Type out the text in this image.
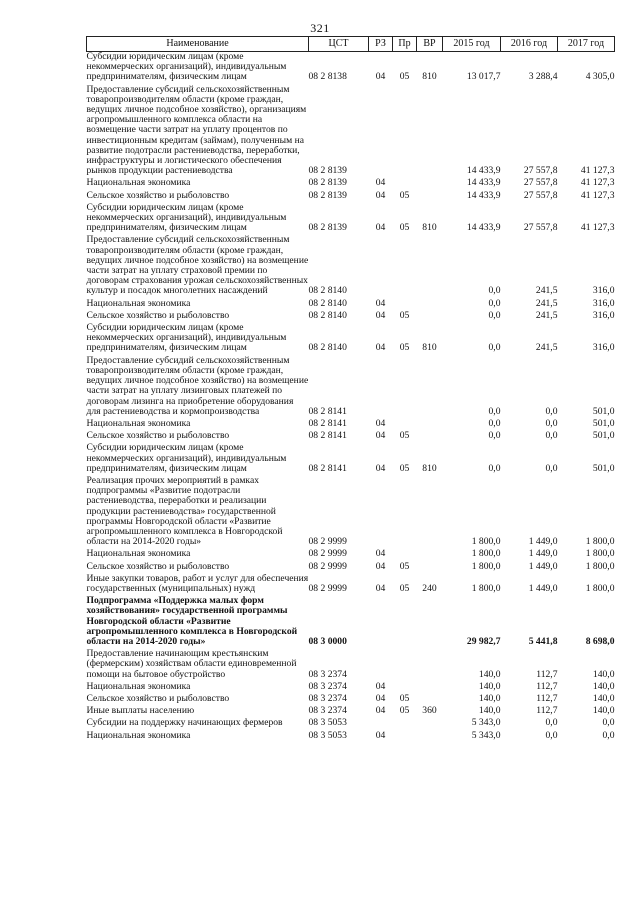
321
Наименование	ЦСТ	РЗ	Пр	ВР	2015 год	2016 год	2017 год
Субсидии юридическим лицам (кроме некоммерческих организаций), индивидуальным предпринимателям, физическим лицам	08 2 8138	04	05	810	13 017,7	3 288,4	4 305,0
Предоставление субсидий сельскохозяйственным товаропроизводителям области (кроме граждан, ведущих личное подсобное хозяйство), организациям агропромышленного комплекса области на возмещение части затрат на уплату процентов по инвестиционным кредитам (займам), полученным на развитие подотрасли растениеводства, переработки, инфраструктуры и логистического обеспечения рынков продукции растениеводства	08 2 8139				14 433,9	27 557,8	41 127,3
Национальная экономика	08 2 8139	04			14 433,9	27 557,8	41 127,3
Сельское хозяйство и рыболовство	08 2 8139	04	05		14 433,9	27 557,8	41 127,3
Субсидии юридическим лицам (кроме некоммерческих организаций), индивидуальным предпринимателям, физическим лицам	08 2 8139	04	05	810	14 433,9	27 557,8	41 127,3
Предоставление субсидий сельскохозяйственным товаропроизводителям области (кроме граждан, ведущих личное подсобное хозяйство) на возмещение части затрат на уплату страховой премии по договорам страхования урожая сельскохозяйственных культур и посадок многолетних насаждений	08 2 8140				0,0	241,5	316,0
Национальная экономика	08 2 8140	04			0,0	241,5	316,0
Сельское хозяйство и рыболовство	08 2 8140	04	05		0,0	241,5	316,0
Субсидии юридическим лицам (кроме некоммерческих организаций), индивидуальным предпринимателям, физическим лицам	08 2 8140	04	05	810	0,0	241,5	316,0
Предоставление субсидий сельскохозяйственным товаропроизводителям области (кроме граждан, ведущих личное подсобное хозяйство) на возмещение части затрат на уплату лизинговых платежей по договорам лизинга на приобретение оборудования для растениеводства и кормопроизводства	08 2 8141				0,0	0,0	501,0
Национальная экономика	08 2 8141	04			0,0	0,0	501,0
Сельское хозяйство и рыболовство	08 2 8141	04	05		0,0	0,0	501,0
Субсидии юридическим лицам (кроме некоммерческих организаций), индивидуальным предпринимателям, физическим лицам	08 2 8141	04	05	810	0,0	0,0	501,0
Реализация прочих мероприятий в рамках подпрограммы «Развитие подотрасли растениеводства, переработки и реализации продукции растениеводства» государственной программы Новгородской области «Развитие агропромышленного комплекса в Новгородской области на 2014-2020 годы»	08 2 9999				1 800,0	1 449,0	1 800,0
Национальная экономика	08 2 9999	04			1 800,0	1 449,0	1 800,0
Сельское хозяйство и рыболовство	08 2 9999	04	05		1 800,0	1 449,0	1 800,0
Иные закупки товаров, работ и услуг для обеспечения государственных (муниципальных) нужд	08 2 9999	04	05	240	1 800,0	1 449,0	1 800,0
Подпрограмма «Поддержка малых форм хозяйствования» государственной программы Новгородской области «Развитие агропромышленного комплекса в Новгородской области на 2014-2020 годы»	08 3 0000				29 982,7	5 441,8	8 698,0
Предоставление начинающим крестьянским (фермерским) хозяйствам области единовременной помощи на бытовое обустройство	08 3 2374				140,0	112,7	140,0
Национальная экономика	08 3 2374	04			140,0	112,7	140,0
Сельское хозяйство и рыболовство	08 3 2374	04	05		140,0	112,7	140,0
Иные выплаты населению	08 3 2374	04	05	360	140,0	112,7	140,0
Субсидии на поддержку начинающих фермеров	08 3 5053				5 343,0	0,0	0,0
Национальная экономика	08 3 5053	04			5 343,0	0,0	0,0
